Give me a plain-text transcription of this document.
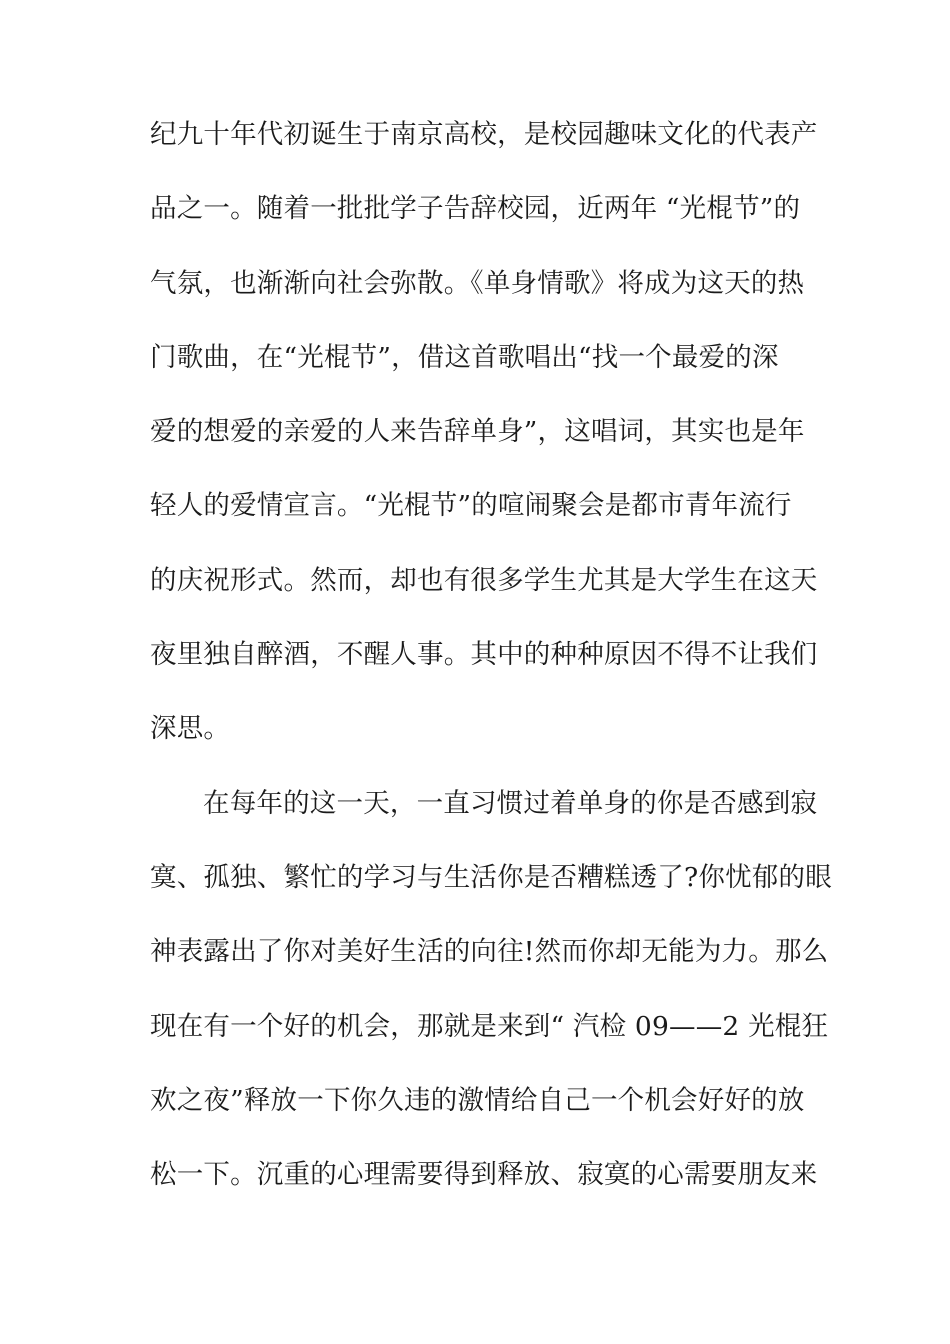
纪九十年代初诞生于南京高校，是校园趣味文化的代表产
品之一。随着一批批学子告辞校园，近两年 “光棍节”的
气氛，也渐渐向社会弥散。《单身情歌》将成为这天的热
门歌曲，在“光棍节”，借这首歌唱出“找一个最爱的深
爱的想爱的亲爱的人来告辞单身”，这唱词，其实也是年
轻人的爱情宣言。“光棍节”的喧闹聚会是都市青年流行
的庆祝形式。然而，却也有很多学生尤其是大学生在这天
夜里独自醉酒，不醒人事。其中的种种原因不得不让我们
深思。
在每年的这一天，一直习惯过着单身的你是否感到寂
寞、孤独、繁忙的学习与生活你是否糟糕透了?你忧郁的眼
神表露出了你对美好生活的向往!然而你却无能为力。那么
现在有一个好的机会，那就是来到“ 汽检 09——2 光棍狂
欢之夜”释放一下你久违的激情给自己一个机会好好的放
松一下。沉重的心理需要得到释放、寂寞的心需要朋友来
